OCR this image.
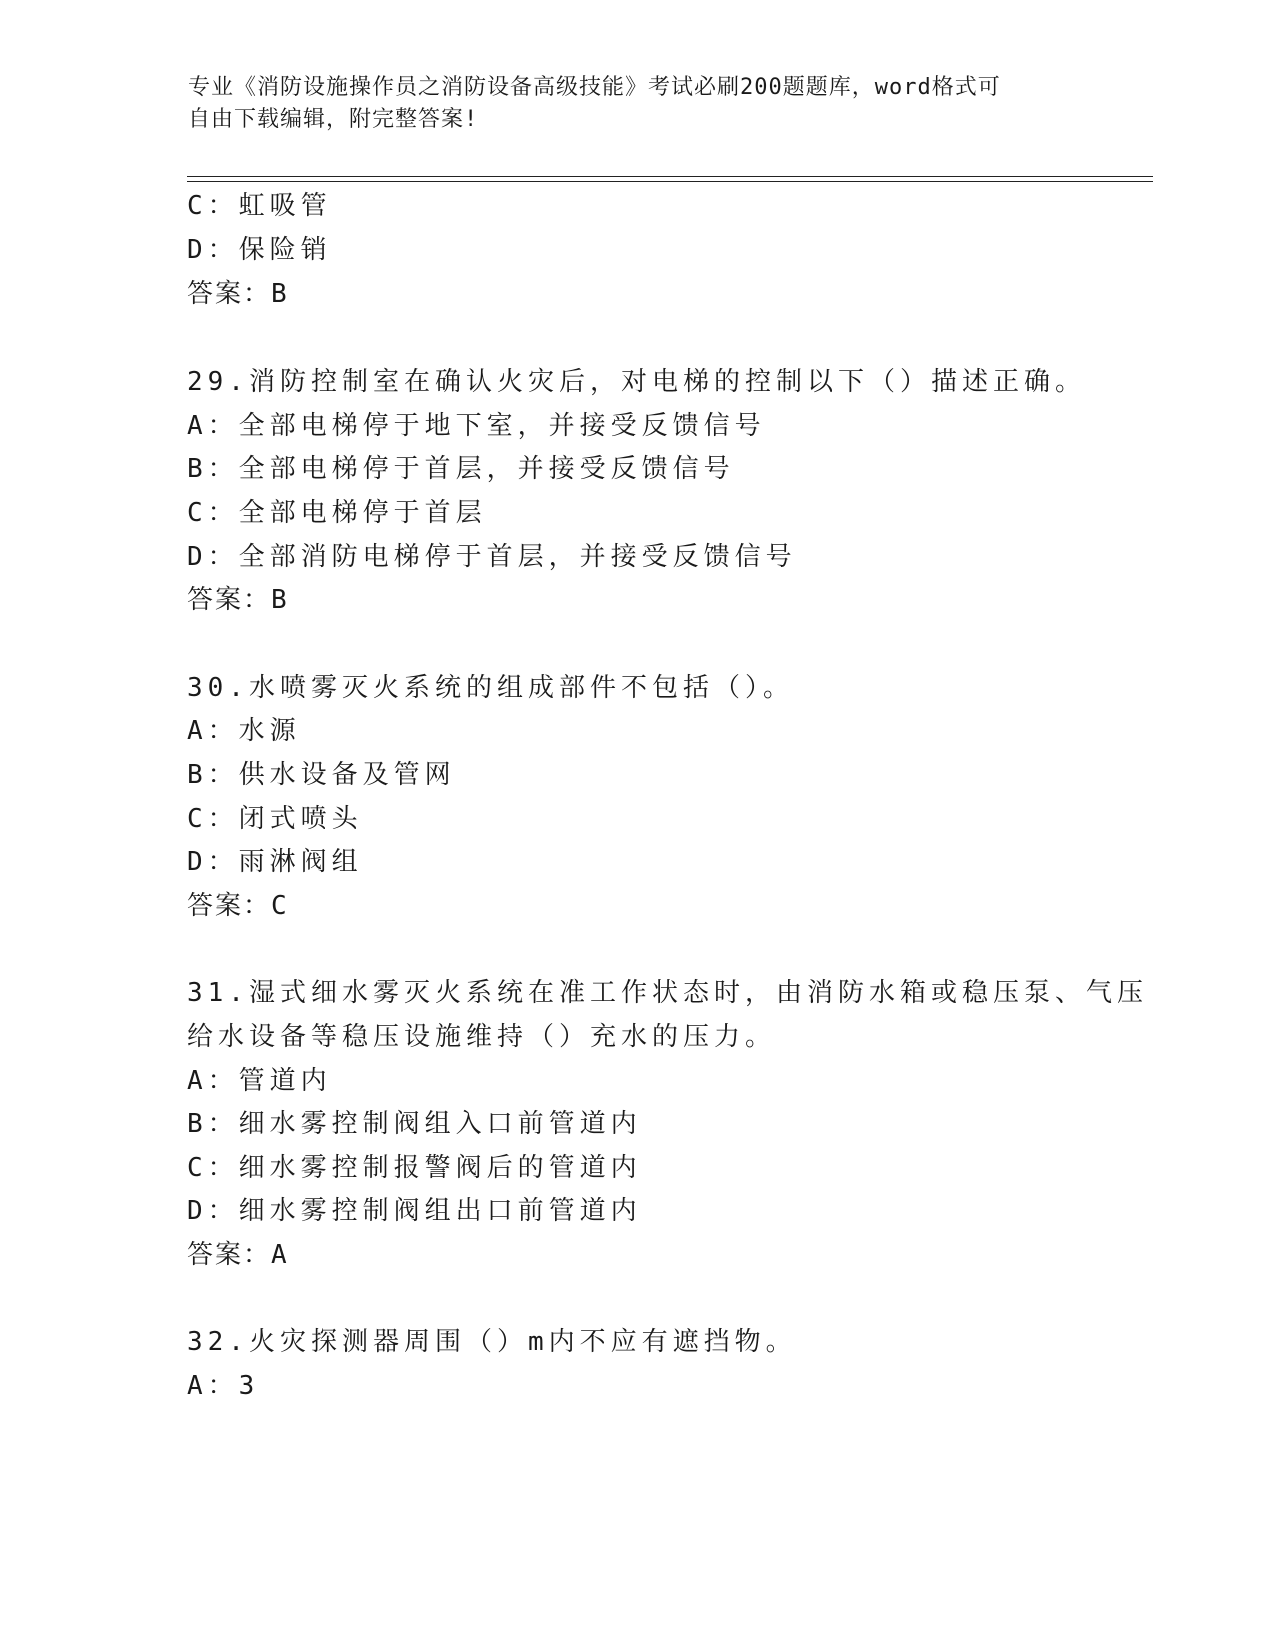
专业《消防设施操作员之消防设备高级技能》考试必刷200题题库，word格式可
自由下载编辑，附完整答案!
C：虹吸管
D：保险销
答案：B
29.消防控制室在确认火灾后，对电梯的控制以下（）描述正确。
A：全部电梯停于地下室，并接受反馈信号
B：全部电梯停于首层，并接受反馈信号
C：全部电梯停于首层
D：全部消防电梯停于首层，并接受反馈信号
答案：B
30.水喷雾灭火系统的组成部件不包括（）。
A：水源
B：供水设备及管网
C：闭式喷头
D：雨淋阀组
答案：C
31.湿式细水雾灭火系统在准工作状态时，由消防水箱或稳压泵、气压
给水设备等稳压设施维持（）充水的压力。
A：管道内
B：细水雾控制阀组入口前管道内
C：细水雾控制报警阀后的管道内
D：细水雾控制阀组出口前管道内
答案：A
32.火灾探测器周围（）m内不应有遮挡物。
A：3
